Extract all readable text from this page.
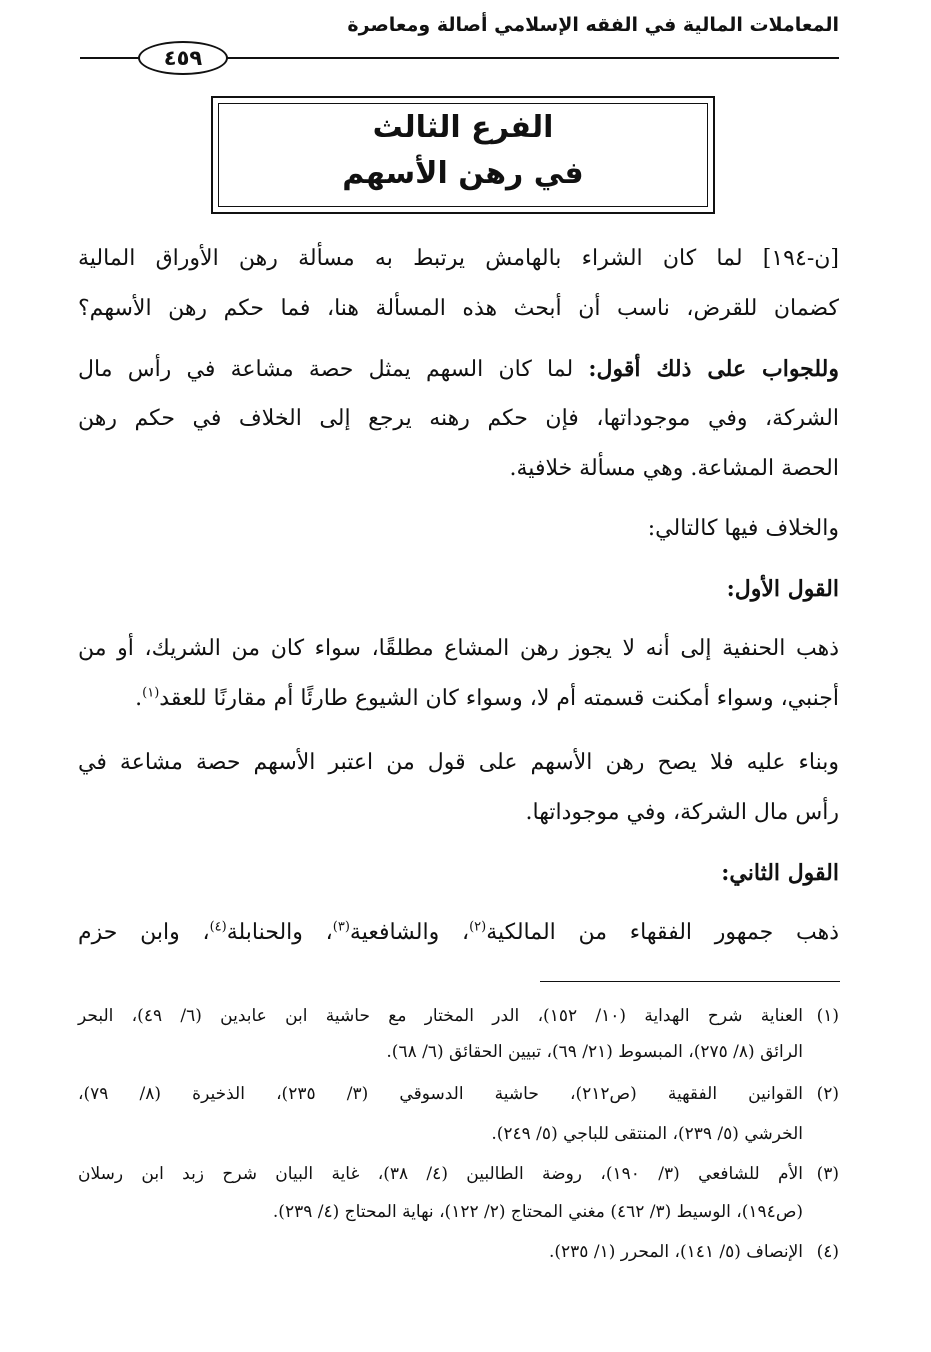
المعاملات المالية في الفقه الإسلامي أصالة ومعاصرة
٤٥٩
الفرع الثالث
في رهن الأسهم
[ن-١٩٤] لما كان الشراء بالهامش يرتبط به مسألة رهن الأوراق المالية
كضمان للقرض، ناسب أن أبحث هذه المسألة هنا، فما حكم رهن الأسهم؟
وللجواب على ذلك أقول: لما كان السهم يمثل حصة مشاعة في رأس مال
الشركة، وفي موجوداتها، فإن حكم رهنه يرجع إلى الخلاف في حكم رهن
الحصة المشاعة. وهي مسألة خلافية.
والخلاف فيها كالتالي:
القول الأول:
ذهب الحنفية إلى أنه لا يجوز رهن المشاع مطلقًا، سواء كان من الشريك، أو من
أجنبي، وسواء أمكنت قسمته أم لا، وسواء كان الشيوع طارئًا أم مقارنًا للعقد$^{(١)}$.
وبناء عليه فلا يصح رهن الأسهم على قول من اعتبر الأسهم حصة مشاعة في
رأس مال الشركة، وفي موجوداتها.
القول الثاني:
ذهب جمهور الفقهاء من المالكية$^{(٢)}$، والشافعية$^{(٣)}$، والحنابلة$^{(٤)}$، وابن حزم
(١)العناية شرح الهداية (١٠/ ١٥٢)، الدر المختار مع حاشية ابن عابدين (٦/ ٤٩)، البحر
الرائق (٨/ ٢٧٥)، المبسوط (٢١/ ٦٩)، تبيين الحقائق (٦/ ٦٨).
(٢)القوانين الفقهية (ص٢١٢)، حاشية الدسوقي (٣/ ٢٣٥)، الذخيرة (٨/ ٧٩)،
الخرشي (٥/ ٢٣٩)، المنتقى للباجي (٥/ ٢٤٩).
(٣)الأم للشافعي (٣/ ١٩٠)، روضة الطالبين (٤/ ٣٨)، غاية البيان شرح زبد ابن رسلان
(ص١٩٤)، الوسيط (٣/ ٤٦٢) مغني المحتاج (٢/ ١٢٢)، نهاية المحتاج (٤/ ٢٣٩).
(٤)الإنصاف (٥/ ١٤١)، المحرر (١/ ٢٣٥).
